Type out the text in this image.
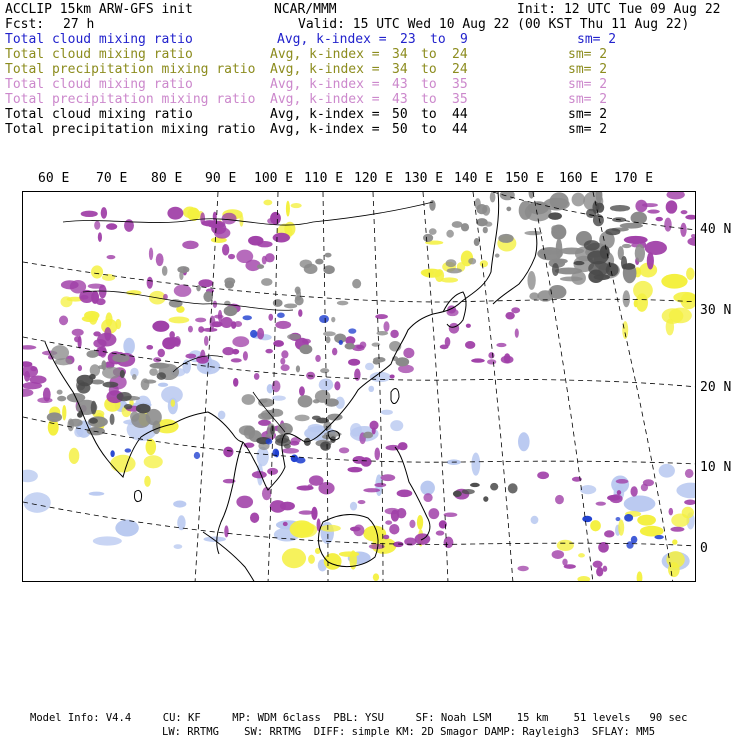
ACCLIP 15km ARW-GFS init	NCAR/MMM	Init: 12 UTC Tue 09 Aug 22
Fcst: 27 h	Valid: 15 UTC Wed 10 Aug 22 (00 KST Thu 11 Aug 22)
Total cloud mixing ratio	Avg, k-index = 23 to 9	sm= 2
Total cloud mixing ratio	Avg, k-index = 34 to 24	sm= 2
Total precipitation mixing ratio Avg, k-index = 34 to 24	sm= 2
Total cloud mixing ratio	Avg, k-index = 43 to 35	sm= 2
Total precipitation mixing ratio Avg, k-index = 43 to 35	sm= 2
Total cloud mixing ratio	Avg, k-index = 50 to 44	sm= 2
Total precipitation mixing ratio Avg, k-index = 50 to 44	sm= 2
60 E 70 E 80 E 90 E 100 E 110 E 120 E 130 E 140 E 150 E 160 E 170 E
40 N
30 N
20 N
10 N
0
Model Info: V4.4     CU: KF     MP: WDM 6class  PBL: YSU     SF: Noah LSM    15 km    51 levels   90 sec
LW: RRTMG    SW: RRTMG  DIFF: simple KM: 2D Smagor DAMP: Rayleigh3  SFLAY: MM5
